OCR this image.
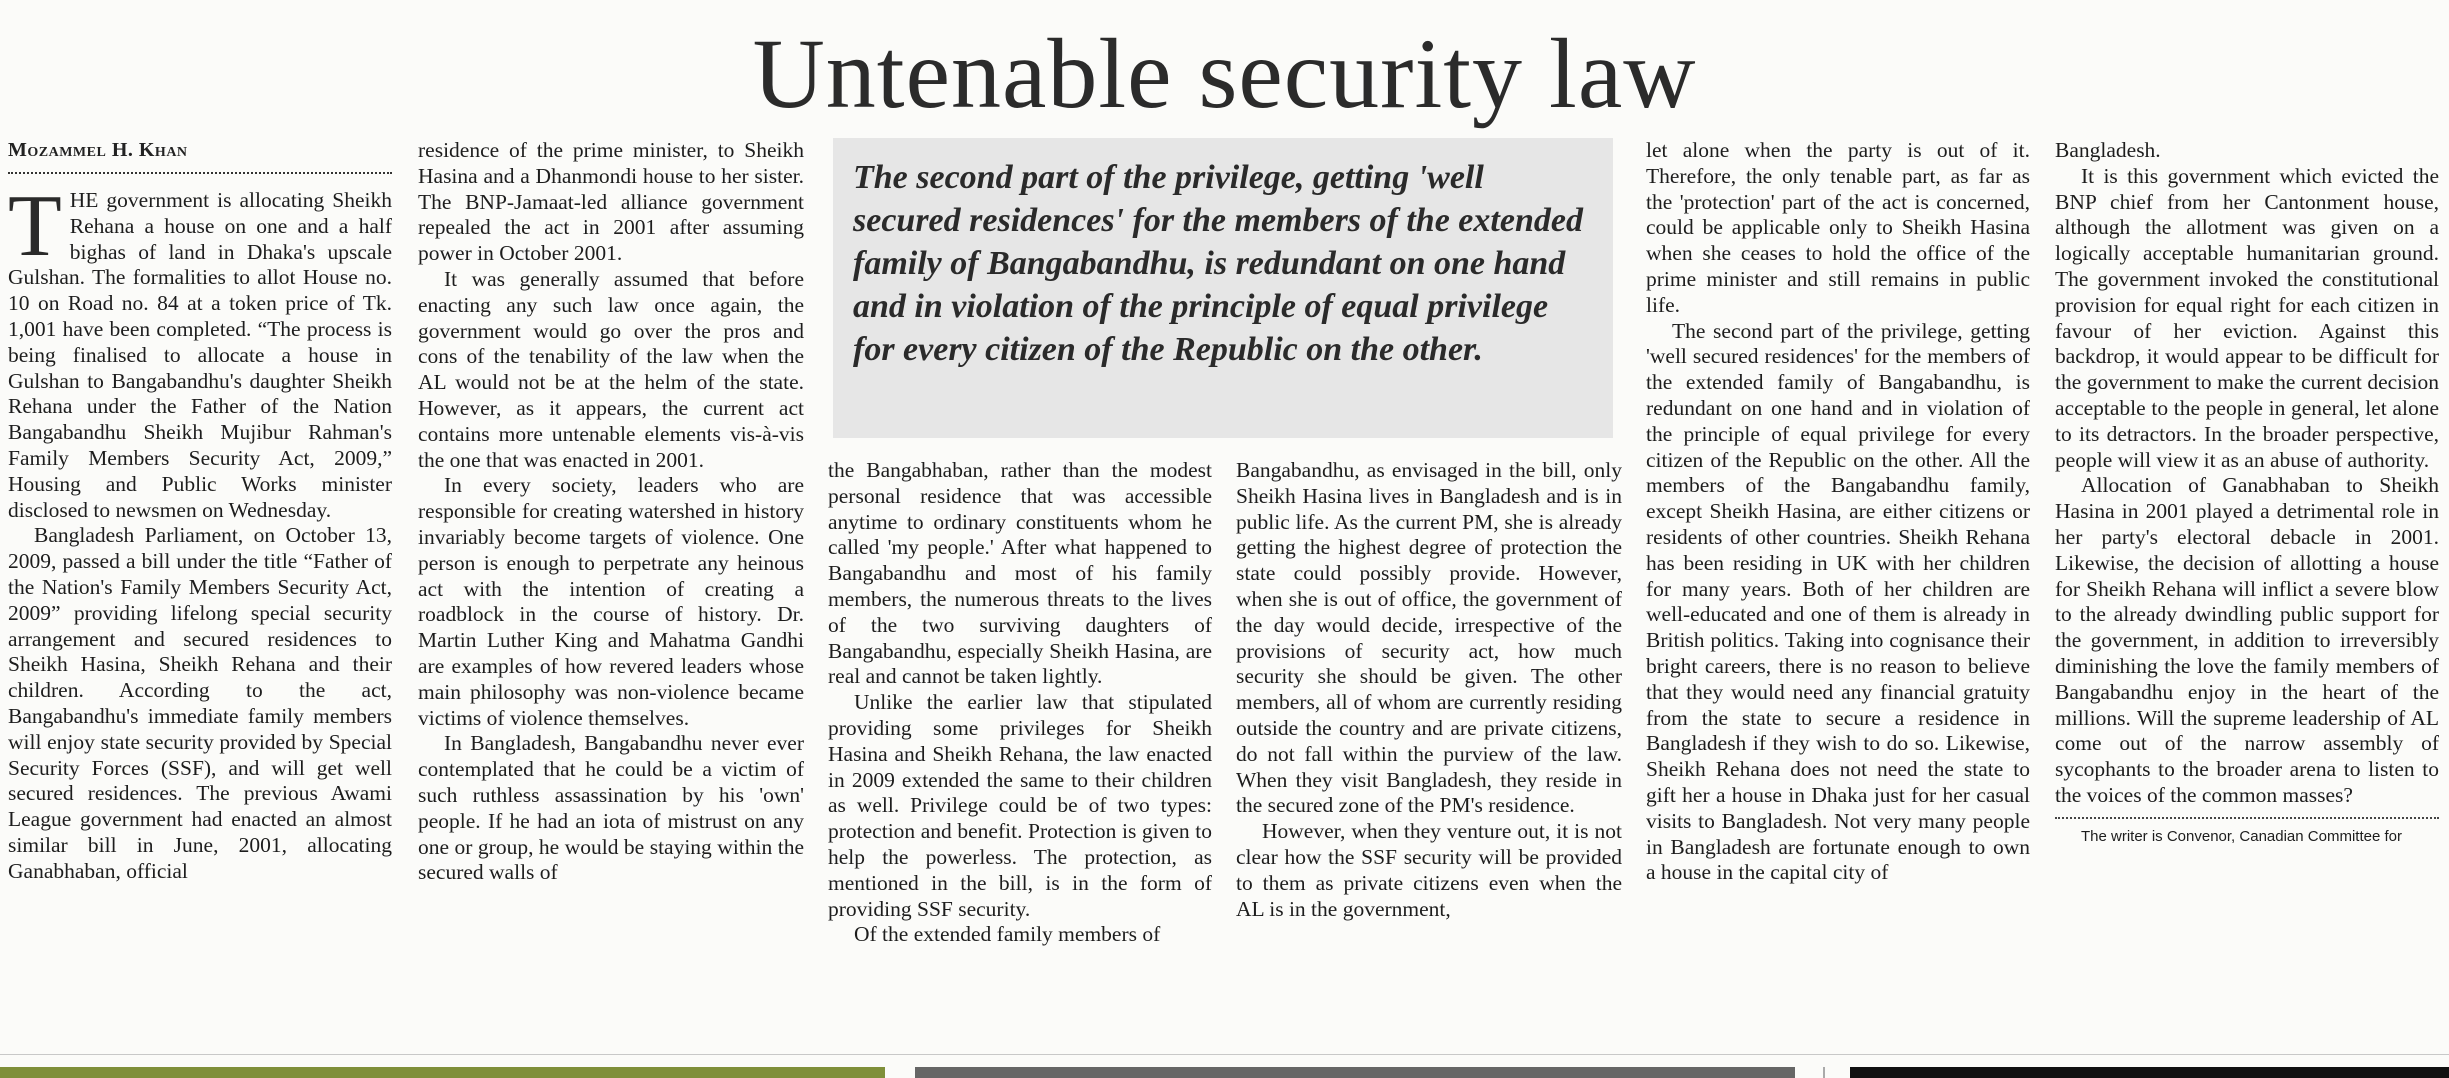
Untenable security law
Mozammel H. Khan

THE government is allocating Sheikh Rehana a house on one and a half bighas of land in Dhaka's upscale Gulshan. The formalities to allot House no. 10 on Road no. 84 at a token price of Tk. 1,001 have been completed. “The process is being finalised to allocate a house in Gulshan to Bangabandhu's daughter Sheikh Rehana under the Father of the Nation Bangabandhu Sheikh Mujibur Rahman's Family Members Security Act, 2009,” Housing and Public Works minister disclosed to newsmen on Wednesday.

Bangladesh Parliament, on October 13, 2009, passed a bill under the title “Father of the Nation's Family Members Security Act, 2009” providing lifelong special security arrangement and secured residences to Sheikh Hasina, Sheikh Rehana and their children. According to the act, Bangabandhu's immediate family members will enjoy state security provided by Special Security Forces (SSF), and will get well secured residences. The previous Awami League government had enacted an almost similar bill in June, 2001, allocating Ganabhaban, official

residence of the prime minister, to Sheikh Hasina and a Dhanmondi house to her sister. The BNP-Jamaat-led alliance government repealed the act in 2001 after assuming power in October 2001.

It was generally assumed that before enacting any such law once again, the government would go over the pros and cons of the tenability of the law when the AL would not be at the helm of the state. However, as it appears, the current act contains more untenable elements vis-à-vis the one that was enacted in 2001.

In every society, leaders who are responsible for creating watershed in history invariably become targets of violence. One person is enough to perpetrate any heinous act with the intention of creating a roadblock in the course of history. Dr. Martin Luther King and Mahatma Gandhi are examples of how revered leaders whose main philosophy was non-violence became victims of violence themselves.

In Bangladesh, Bangabandhu never ever contemplated that he could be a victim of such ruthless assassination by his 'own' people. If he had an iota of mistrust on any one or group, he would be staying within the secured walls of

The second part of the privilege, getting 'well secured residences' for the members of the extended family of Bangabandhu, is redundant on one hand and in violation of the principle of equal privilege for every citizen of the Republic on the other.

the Bangabhaban, rather than the modest personal residence that was accessible anytime to ordinary constituents whom he called 'my people.' After what happened to Bangabandhu and most of his family members, the numerous threats to the lives of the two surviving daughters of Bangabandhu, especially Sheikh Hasina, are real and cannot be taken lightly.

Unlike the earlier law that stipulated providing some privileges for Sheikh Hasina and Sheikh Rehana, the law enacted in 2009 extended the same to their children as well. Privilege could be of two types: protection and benefit. Protection is given to help the powerless. The protection, as mentioned in the bill, is in the form of providing SSF security.

Of the extended family members of

Bangabandhu, as envisaged in the bill, only Sheikh Hasina lives in Bangladesh and is in public life. As the current PM, she is already getting the highest degree of protection the state could possibly provide. However, when she is out of office, the government of the day would decide, irrespective of the provisions of security act, how much security she should be given. The other members, all of whom are currently residing outside the country and are private citizens, do not fall within the purview of the law. When they visit Bangladesh, they reside in the secured zone of the PM's residence.

However, when they venture out, it is not clear how the SSF security will be provided to them as private citizens even when the AL is in the government,

let alone when the party is out of it. Therefore, the only tenable part, as far as the 'protection' part of the act is concerned, could be applicable only to Sheikh Hasina when she ceases to hold the office of the prime minister and still remains in public life.

The second part of the privilege, getting 'well secured residences' for the members of the extended family of Bangabandhu, is redundant on one hand and in violation of the principle of equal privilege for every citizen of the Republic on the other. All the members of the Bangabandhu family, except Sheikh Hasina, are either citizens or residents of other countries. Sheikh Rehana has been residing in UK with her children for many years. Both of her children are well-educated and one of them is already in British politics. Taking into cognisance their bright careers, there is no reason to believe that they would need any financial gratuity from the state to secure a residence in Bangladesh if they wish to do so. Likewise, Sheikh Rehana does not need the state to gift her a house in Dhaka just for her casual visits to Bangladesh. Not very many people in Bangladesh are fortunate enough to own a house in the capital city of

Bangladesh.

It is this government which evicted the BNP chief from her Cantonment house, although the allotment was given on a logically acceptable humanitarian ground. The government invoked the constitutional provision for equal right for each citizen in favour of her eviction. Against this backdrop, it would appear to be difficult for the government to make the current decision acceptable to the people in general, let alone to its detractors. In the broader perspective, people will view it as an abuse of authority.

Allocation of Ganabhaban to Sheikh Hasina in 2001 played a detrimental role in her party's electoral debacle in 2001. Likewise, the decision of allotting a house for Sheikh Rehana will inflict a severe blow to the already dwindling public support for the government, in addition to irreversibly diminishing the love the family members of Bangabandhu enjoy in the heart of the millions. Will the supreme leadership of AL come out of the narrow assembly of sycophants to the broader arena to listen to the voices of the common masses?

The writer is Convenor, Canadian Committee for
